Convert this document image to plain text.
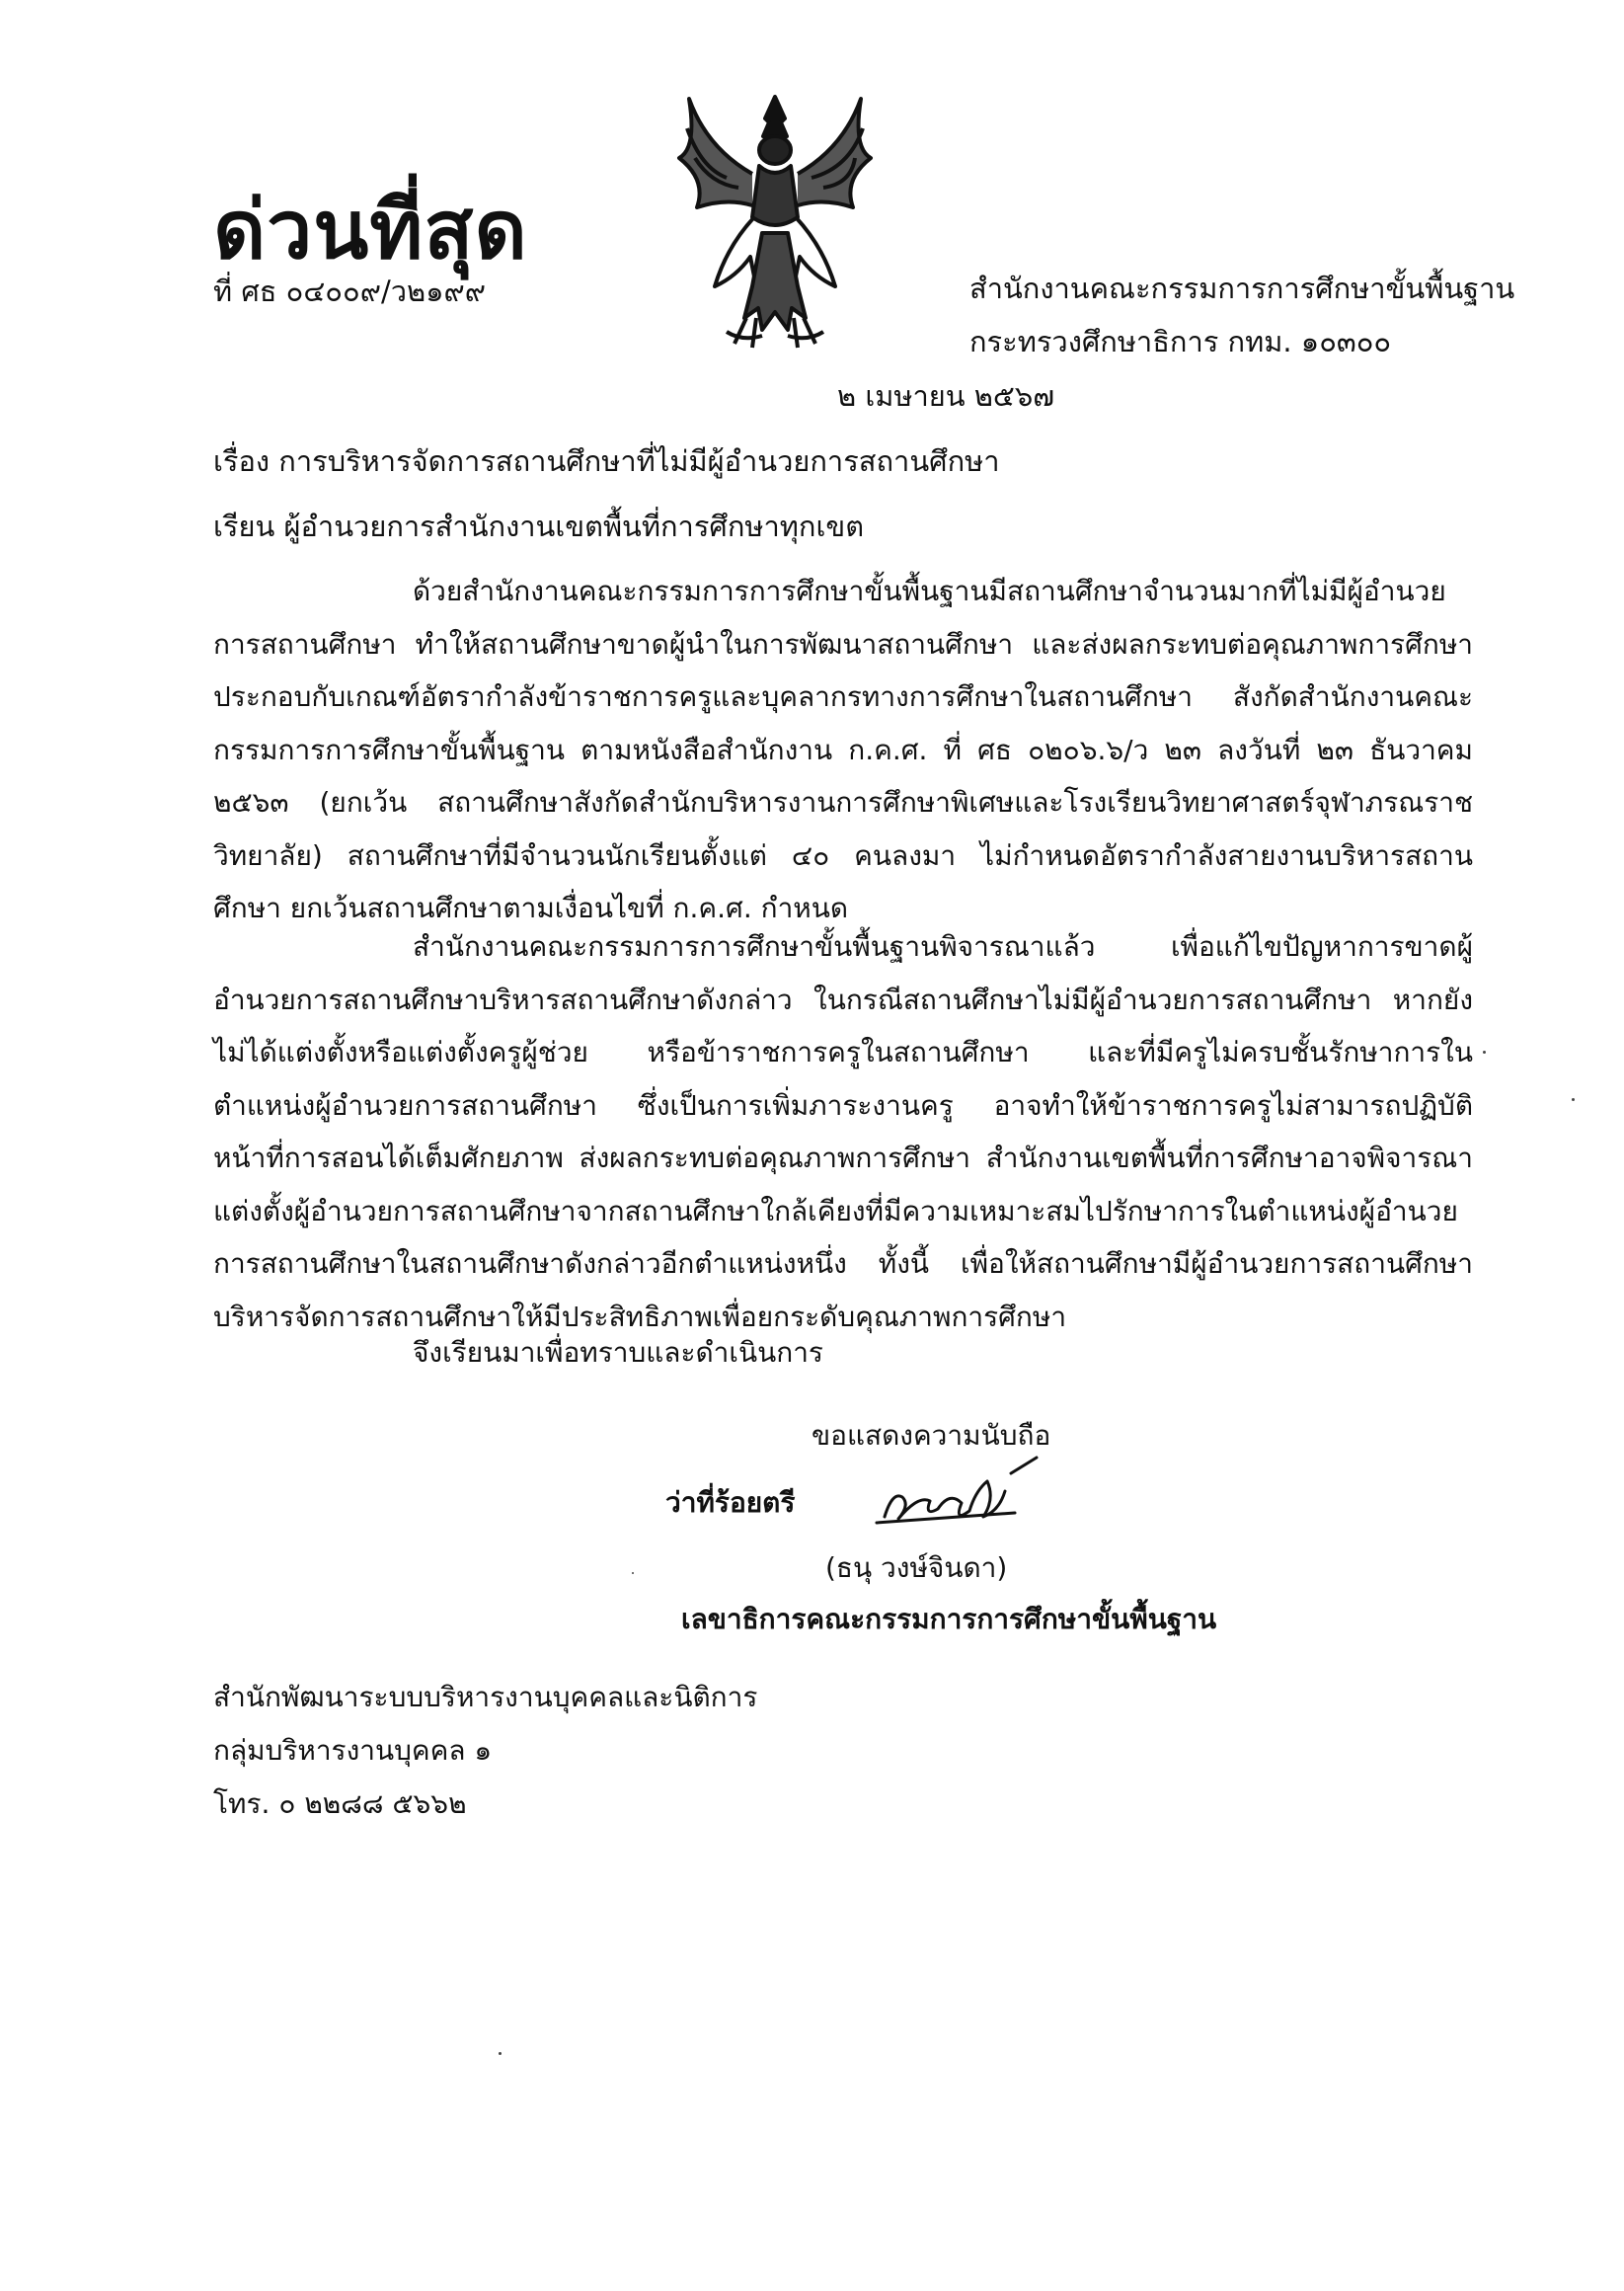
ด่วนที่สุด
ที่ ศธ ๐๔๐๐๙/ว๒๑๙๙	สำนักงานคณะกรรมการการศึกษาขั้นพื้นฐาน
กระทรวงศึกษาธิการ กทม. ๑๐๓๐๐
๒ เมษายน ๒๕๖๗
เรื่อง การบริหารจัดการสถานศึกษาที่ไม่มีผู้อำนวยการสถานศึกษา
เรียน ผู้อำนวยการสำนักงานเขตพื้นที่การศึกษาทุกเขต

ด้วยสำนักงานคณะกรรมการการศึกษาขั้นพื้นฐานมีสถานศึกษาจำนวนมากที่ไม่มีผู้อำนวยการสถานศึกษา ทำให้สถานศึกษาขาดผู้นำในการพัฒนาสถานศึกษา และส่งผลกระทบต่อคุณภาพการศึกษา ประกอบกับเกณฑ์อัตรากำลังข้าราชการครูและบุคลากรทางการศึกษาในสถานศึกษา สังกัดสำนักงานคณะกรรมการการศึกษาขั้นพื้นฐาน ตามหนังสือสำนักงาน ก.ค.ศ. ที่ ศธ ๐๒๐๖.๖/ว ๒๓ ลงวันที่ ๒๓ ธันวาคม ๒๕๖๓ (ยกเว้น สถานศึกษาสังกัดสำนักบริหารงานการศึกษาพิเศษและโรงเรียนวิทยาศาสตร์จุฬาภรณราชวิทยาลัย) สถานศึกษาที่มีจำนวนนักเรียนตั้งแต่ ๔๐ คนลงมา ไม่กำหนดอัตรากำลังสายงานบริหารสถานศึกษา ยกเว้นสถานศึกษาตามเงื่อนไขที่ ก.ค.ศ. กำหนด

สำนักงานคณะกรรมการการศึกษาขั้นพื้นฐานพิจารณาแล้ว เพื่อแก้ไขปัญหาการขาดผู้อำนวยการสถานศึกษาบริหารสถานศึกษาดังกล่าว ในกรณีสถานศึกษาไม่มีผู้อำนวยการสถานศึกษา หากยังไม่ได้แต่งตั้งหรือแต่งตั้งครูผู้ช่วย หรือข้าราชการครูในสถานศึกษา และที่มีครูไม่ครบชั้นรักษาการในตำแหน่งผู้อำนวยการสถานศึกษา ซึ่งเป็นการเพิ่มภาระงานครู อาจทำให้ข้าราชการครูไม่สามารถปฏิบัติหน้าที่การสอนได้เต็มศักยภาพ ส่งผลกระทบต่อคุณภาพการศึกษา สำนักงานเขตพื้นที่การศึกษาอาจพิจารณาแต่งตั้งผู้อำนวยการสถานศึกษาจากสถานศึกษาใกล้เคียงที่มีความเหมาะสมไปรักษาการในตำแหน่งผู้อำนวยการสถานศึกษาในสถานศึกษาดังกล่าวอีกตำแหน่งหนึ่ง ทั้งนี้ เพื่อให้สถานศึกษามีผู้อำนวยการสถานศึกษาบริหารจัดการสถานศึกษาให้มีประสิทธิภาพเพื่อยกระดับคุณภาพการศึกษา

จึงเรียนมาเพื่อทราบและดำเนินการ
ขอแสดงความนับถือ
ว่าที่ร้อยตรี
(ธนุ วงษ์จินดา)
เลขาธิการคณะกรรมการการศึกษาขั้นพื้นฐาน
สำนักพัฒนาระบบบริหารงานบุคคลและนิติการ
กลุ่มบริหารงานบุคคล ๑
โทร. ๐ ๒๒๘๘ ๕๖๖๒
